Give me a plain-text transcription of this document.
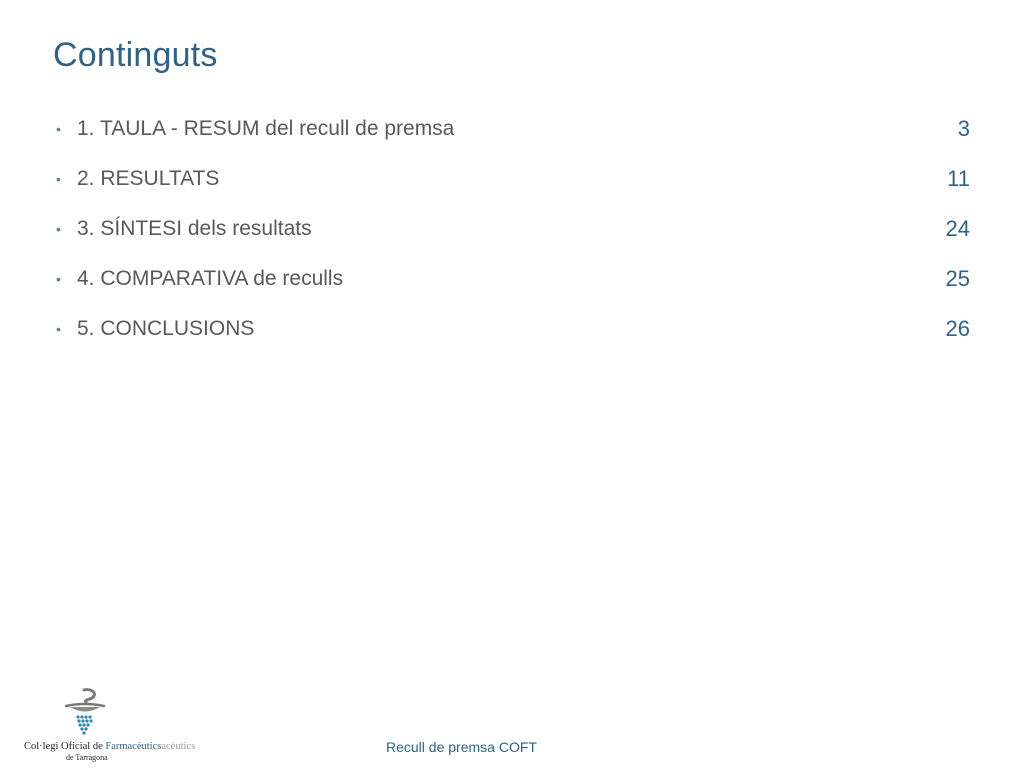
Continguts
• 1. TAULA - RESUM del recull de premsa	3
• 2. RESULTATS	11
• 3. SÍNTESI dels resultats	24
• 4. COMPARATIVA de reculls	25
• 5. CONCLUSIONS	26
Col·legi Oficial de Farmacèuticsacèutics
de Tarragona
Recull de premsa COFT
